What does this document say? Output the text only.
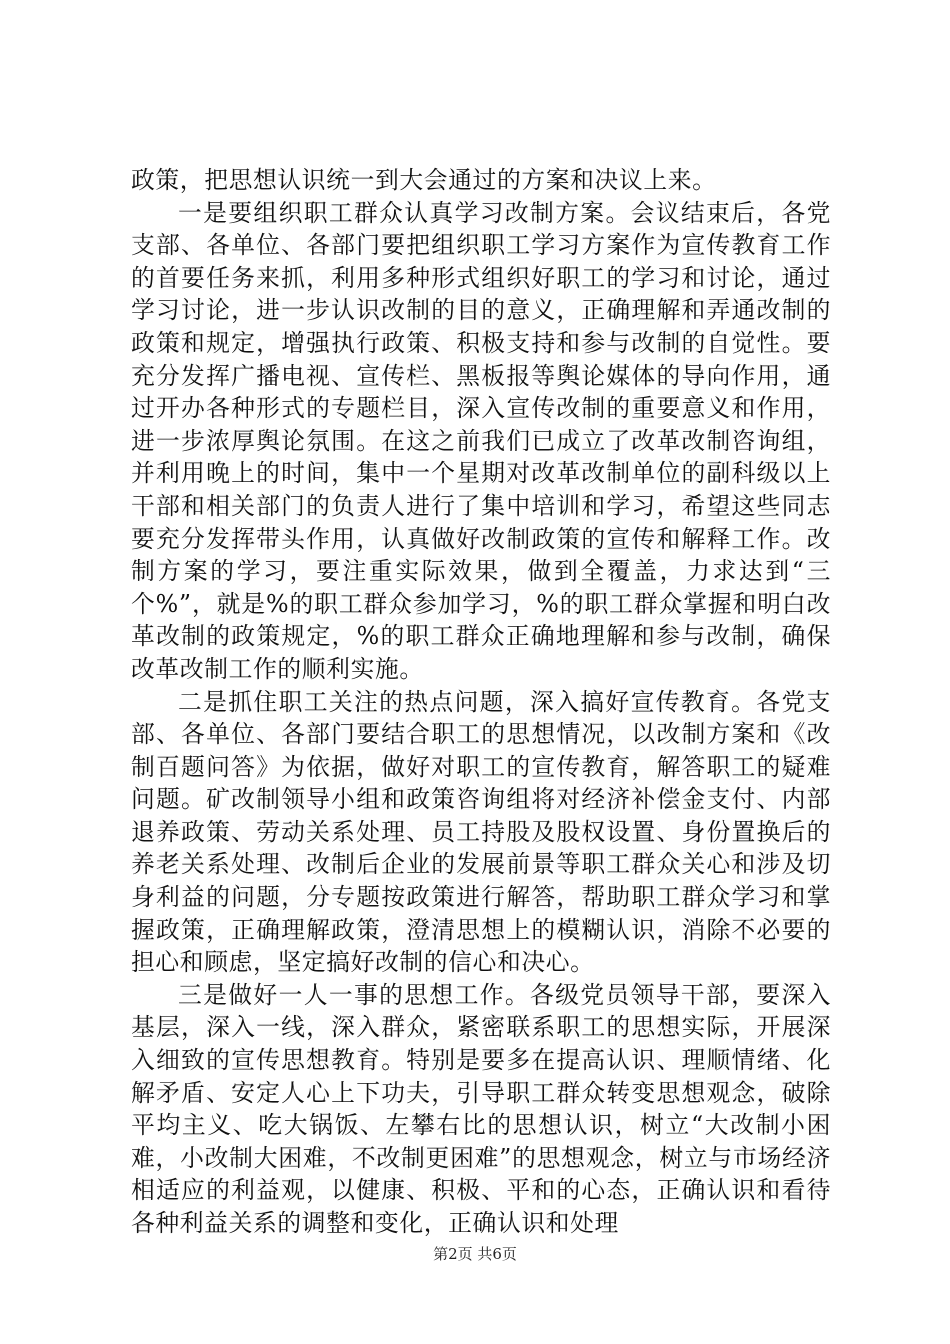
政策，把思想认识统一到大会通过的方案和决议上来。

一是要组织职工群众认真学习改制方案。会议结束后，各党支部、各单位、各部门要把组织职工学习方案作为宣传教育工作的首要任务来抓，利用多种形式组织好职工的学习和讨论，通过学习讨论，进一步认识改制的目的意义，正确理解和弄通改制的政策和规定，增强执行政策、积极支持和参与改制的自觉性。要充分发挥广播电视、宣传栏、黑板报等舆论媒体的导向作用，通过开办各种形式的专题栏目，深入宣传改制的重要意义和作用，进一步浓厚舆论氛围。在这之前我们已成立了改革改制咨询组，并利用晚上的时间，集中一个星期对改革改制单位的副科级以上干部和相关部门的负责人进行了集中培训和学习，希望这些同志要充分发挥带头作用，认真做好改制政策的宣传和解释工作。改制方案的学习，要注重实际效果，做到全覆盖，力求达到“三个%”，就是%的职工群众参加学习，%的职工群众掌握和明白改革改制的政策规定，%的职工群众正确地理解和参与改制，确保改革改制工作的顺利实施。

二是抓住职工关注的热点问题，深入搞好宣传教育。各党支部、各单位、各部门要结合职工的思想情况，以改制方案和《改制百题问答》为依据，做好对职工的宣传教育，解答职工的疑难问题。矿改制领导小组和政策咨询组将对经济补偿金支付、内部退养政策、劳动关系处理、员工持股及股权设置、身份置换后的养老关系处理、改制后企业的发展前景等职工群众关心和涉及切身利益的问题，分专题按政策进行解答，帮助职工群众学习和掌握政策，正确理解政策，澄清思想上的模糊认识，消除不必要的担心和顾虑，坚定搞好改制的信心和决心。

三是做好一人一事的思想工作。各级党员领导干部，要深入基层，深入一线，深入群众，紧密联系职工的思想实际，开展深入细致的宣传思想教育。特别是要多在提高认识、理顺情绪、化解矛盾、安定人心上下功夫，引导职工群众转变思想观念，破除平均主义、吃大锅饭、左攀右比的思想认识，树立“大改制小困难，小改制大困难，不改制更困难”的思想观念，树立与市场经济相适应的利益观，以健康、积极、平和的心态，正确认识和看待各种利益关系的调整和变化，正确认识和处理

第2页 共6页
